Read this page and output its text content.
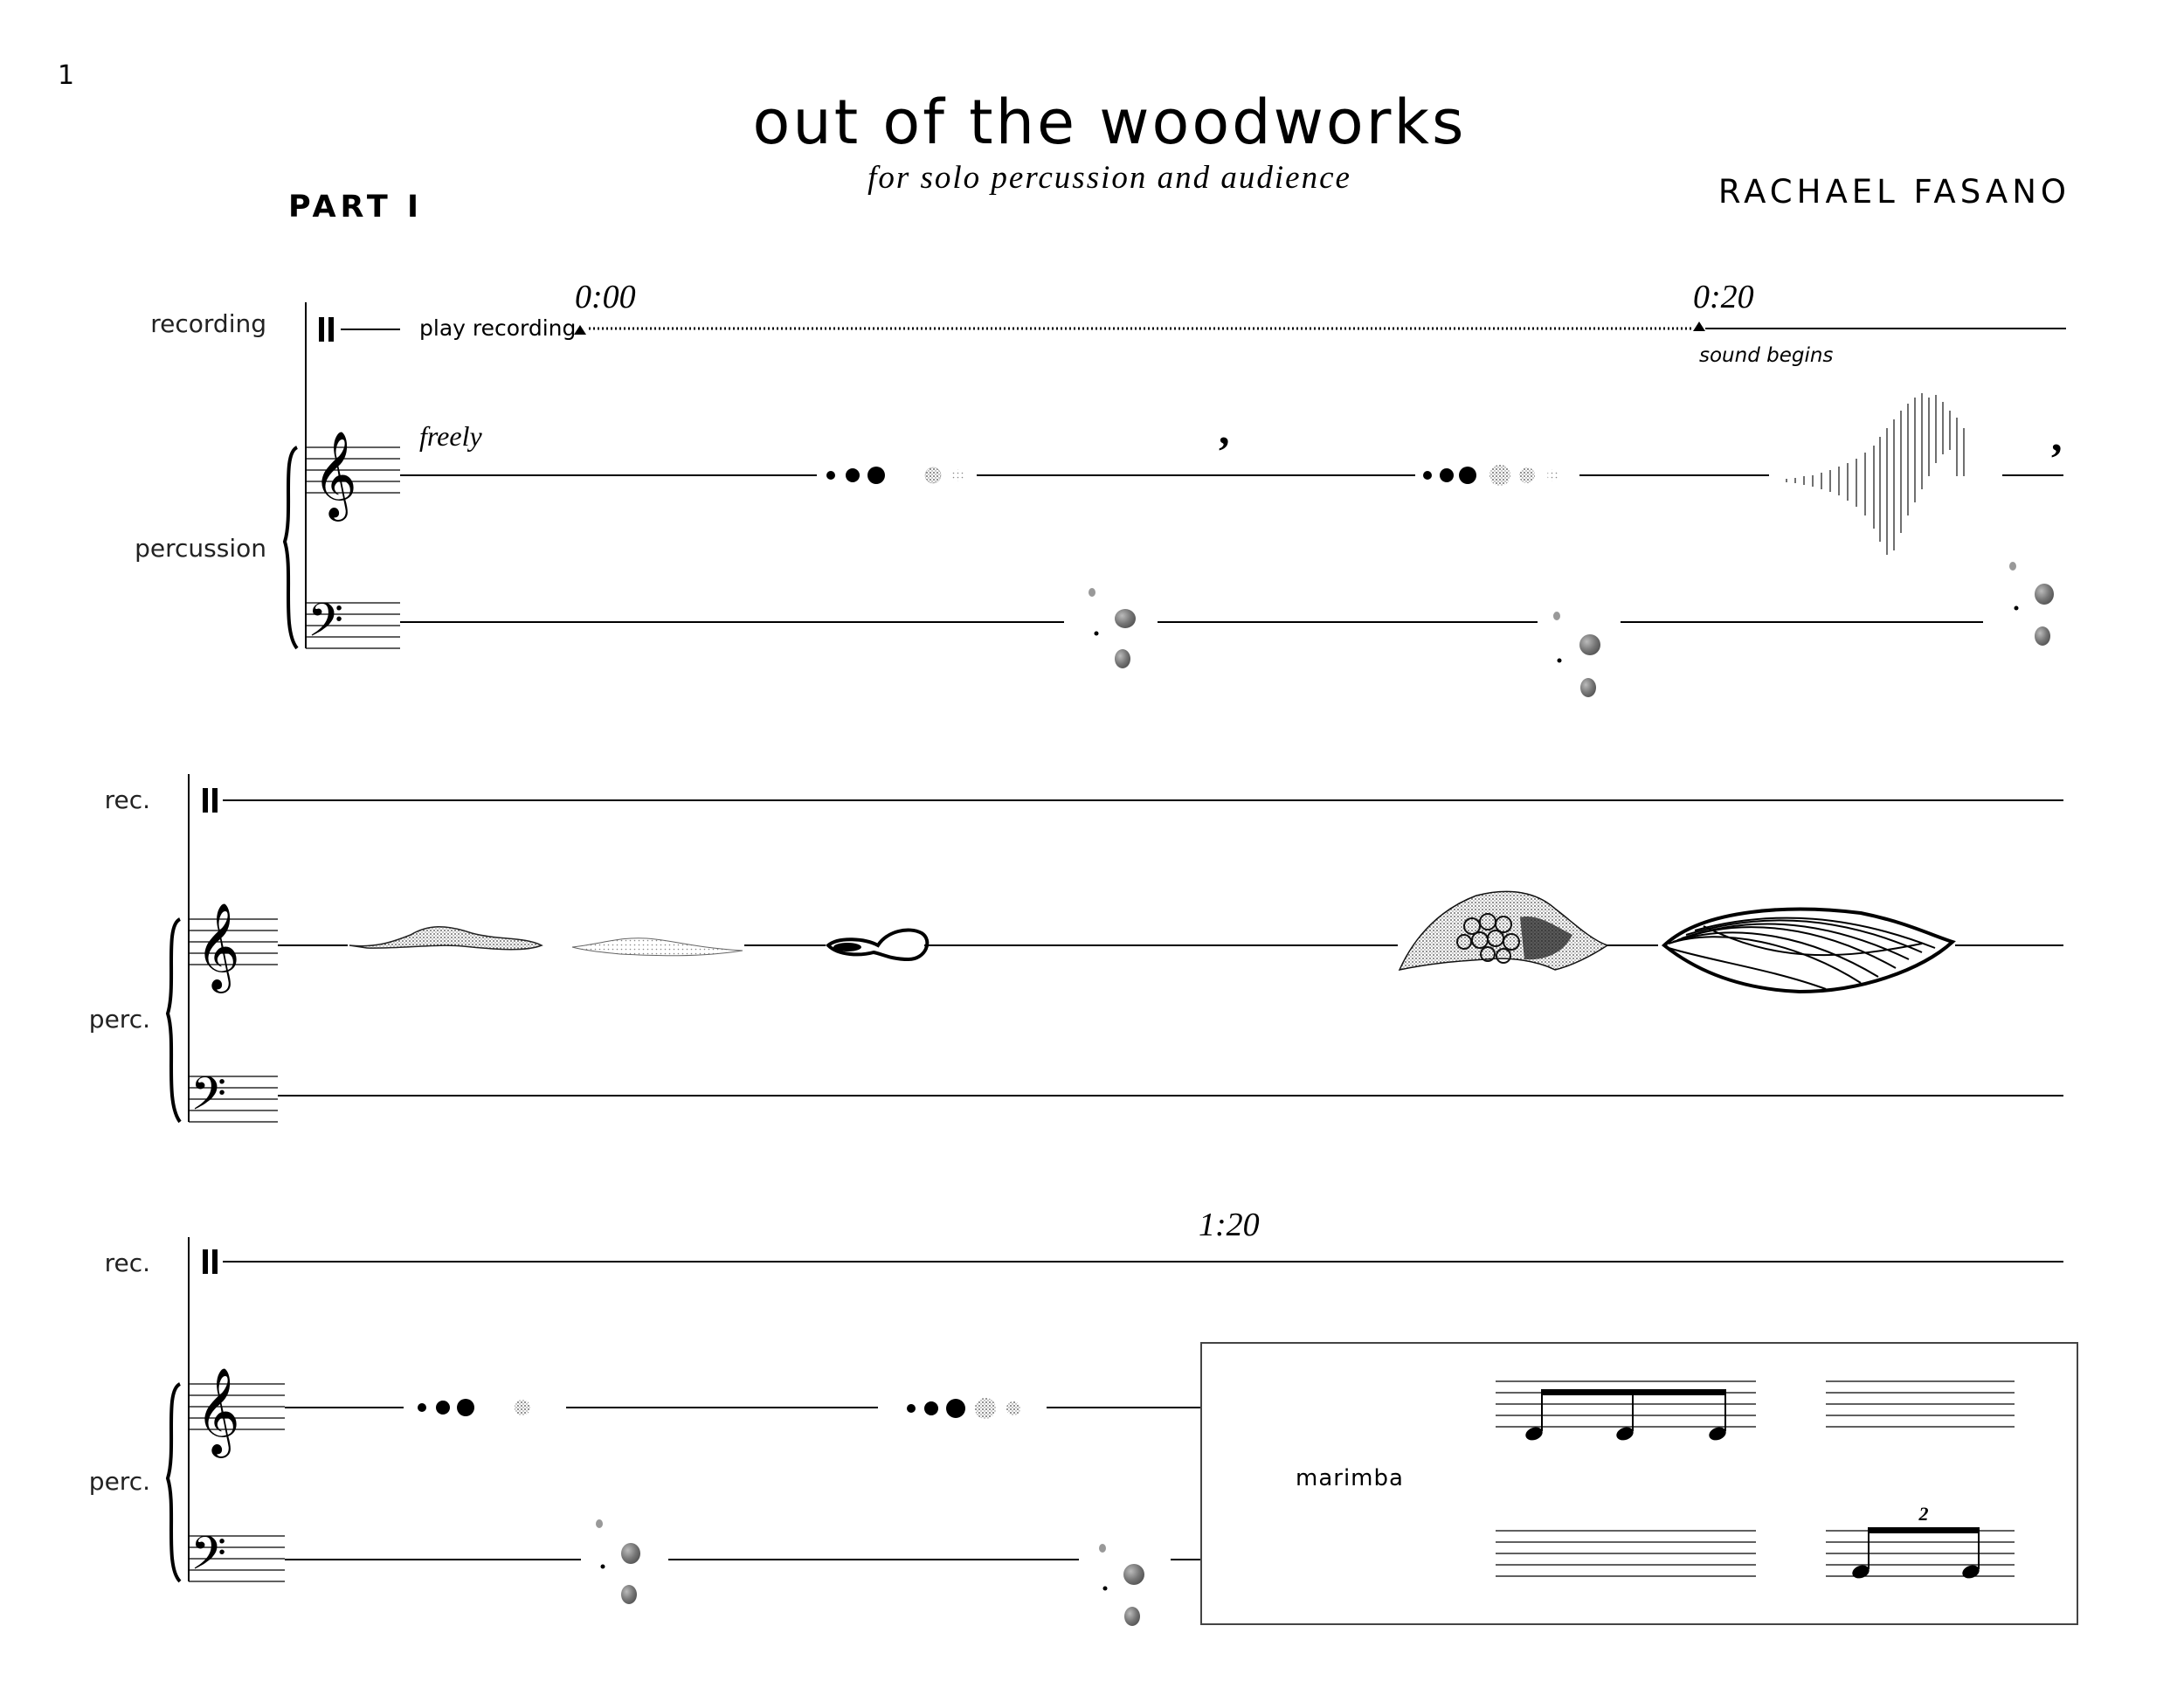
1
out of the woodworks
for solo percussion and audience	RACHAEL FASANO
PART I
recording
percussion
play recording
0:00	0:20
sound begins
𝄞 freely	,	,
𝄢
rec.
perc.
𝄞
𝄢
rec.
perc.
1:20
𝄞
𝄢
marimba
2
